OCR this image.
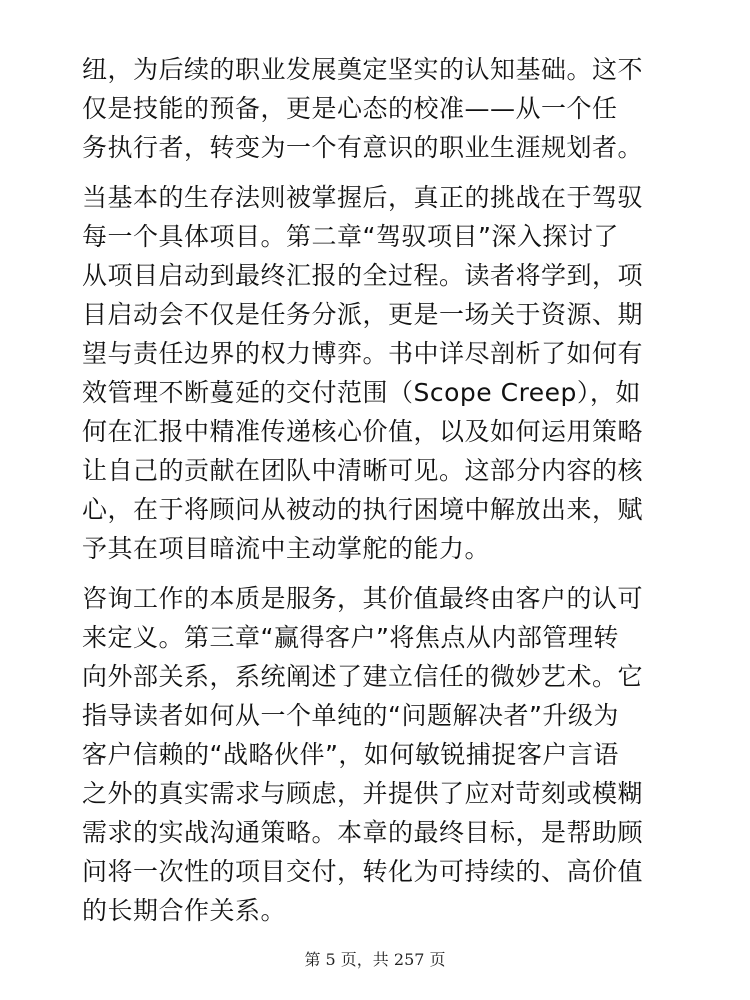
纽，为后续的职业发展奠定坚实的认知基础。这不
仅是技能的预备，更是心态的校准——从一个任
务执行者，转变为一个有意识的职业生涯规划者。

当基本的生存法则被掌握后，真正的挑战在于驾驭
每一个具体项目。第二章“驾驭项目”深入探讨了
从项目启动到最终汇报的全过程。读者将学到，项
目启动会不仅是任务分派，更是一场关于资源、期
望与责任边界的权力博弈。书中详尽剖析了如何有
效管理不断蔓延的交付范围（Scope Creep），如
何在汇报中精准传递核心价值，以及如何运用策略
让自己的贡献在团队中清晰可见。这部分内容的核
心，在于将顾问从被动的执行困境中解放出来，赋
予其在项目暗流中主动掌舵的能力。

咨询工作的本质是服务，其价值最终由客户的认可
来定义。第三章“赢得客户”将焦点从内部管理转
向外部关系，系统阐述了建立信任的微妙艺术。它
指导读者如何从一个单纯的“问题解决者”升级为
客户信赖的“战略伙伴”，如何敏锐捕捉客户言语
之外的真实需求与顾虑，并提供了应对苛刻或模糊
需求的实战沟通策略。本章的最终目标，是帮助顾
问将一次性的项目交付，转化为可持续的、高价值
的长期合作关系。

第 5 页，共 257 页
